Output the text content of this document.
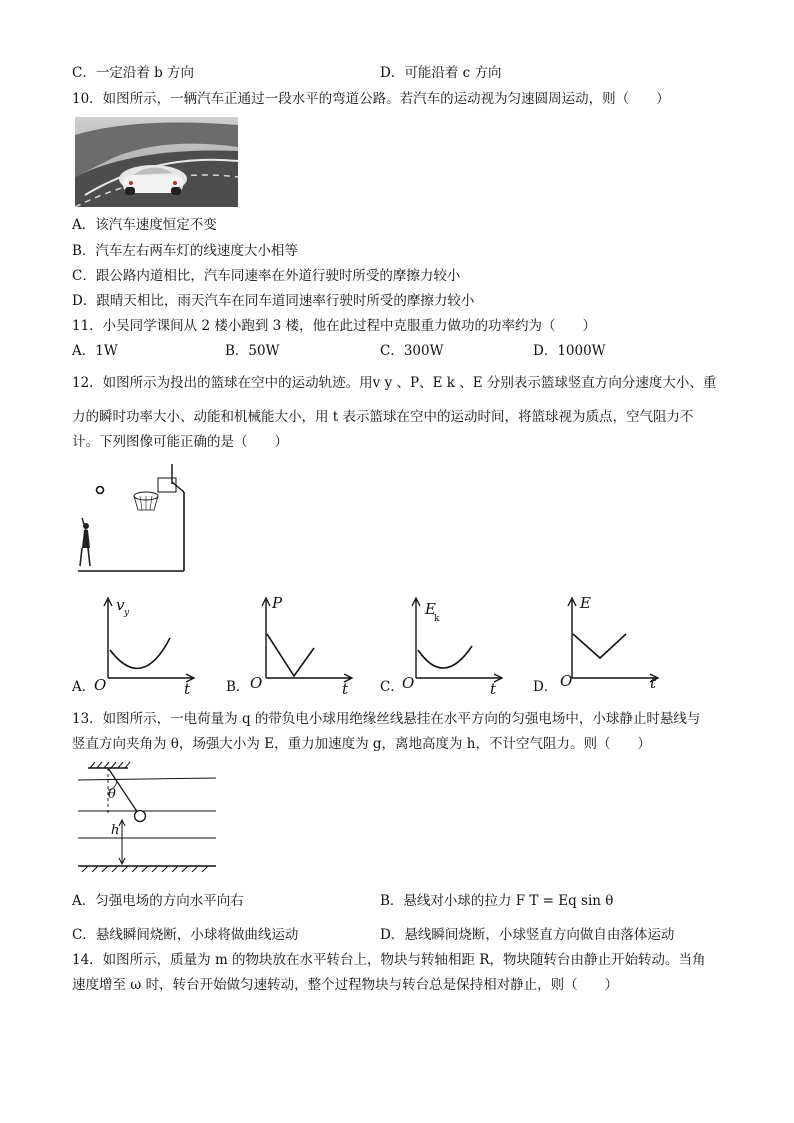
C．一定沿着 b 方向	D．可能沿着 c 方向
10．如图所示，一辆汽车正通过一段水平的弯道公路。若汽车的运动视为匀速圆周运动，则（　　）
A．该汽车速度恒定不变
B．汽车左右两车灯的线速度大小相等
C．跟公路内道相比，汽车同速率在外道行驶时所受的摩擦力较小
D．跟晴天相比，雨天汽车在同车道同速率行驶时所受的摩擦力较小
11．小吴同学课间从 2 楼小跑到 3 楼，他在此过程中克服重力做功的功率约为（　　）
A．1W	B．50W	C．300W	D．1000W
12．如图所示为投出的篮球在空中的运动轨迹。用v y 、P、E k 、E 分别表示篮球竖直方向分速度大小、重
力的瞬时功率大小、动能和机械能大小，用 t 表示篮球在空中的运动时间，将篮球视为质点，空气阻力不
计。下列图像可能正确的是（　　）
A．
O
v y
t	B． O
P
t C．
O
E
k
t	D． O
E
t
13．如图所示，一电荷量为 q 的带负电小球用绝缘丝线悬挂在水平方向的匀强电场中，小球静止时悬线与
竖直方向夹角为 θ，场强大小为 E，重力加速度为 g，离地高度为 h，不计空气阻力。则（　　）
θ
h
A．匀强电场的方向水平向右	B．悬线对小球的拉力 F T = Eq sin θ
C．悬线瞬间烧断，小球将做曲线运动	D．悬线瞬间烧断，小球竖直方向做自由落体运动
14．如图所示，质量为 m 的物块放在水平转台上，物块与转轴相距 R，物块随转台由静止开始转动。当角
速度增至 ω 时，转台开始做匀速转动，整个过程物块与转台总是保持相对静止，则（　　）
